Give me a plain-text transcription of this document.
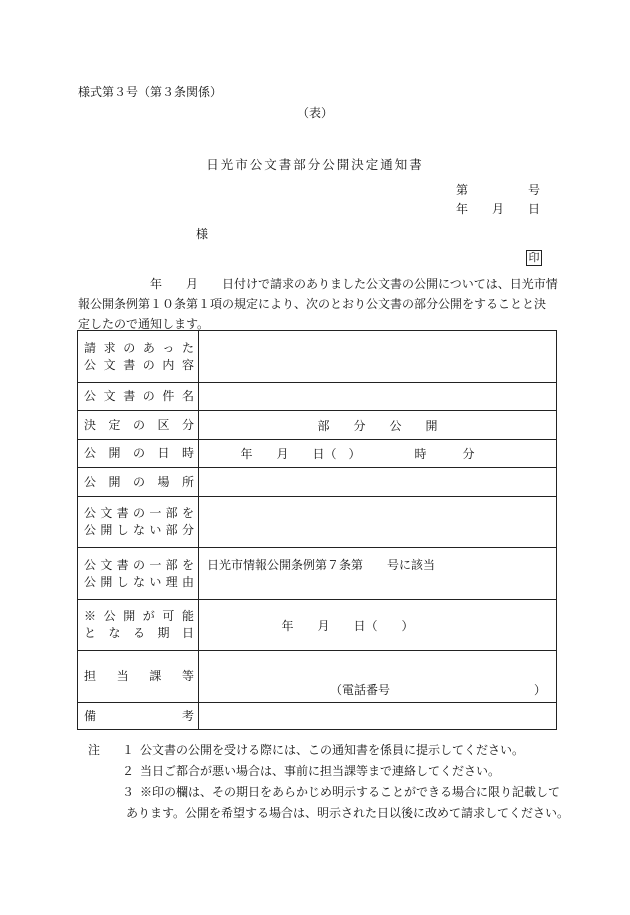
様式第３号（第３条関係）
（表）
日光市公文書部分公開決定通知書
第	号
年 月 日
様
印
　　　　　　年　　月　　日付けで請求のありました公文書の公開については、日光市情
報公開条例第１０条第１項の規定により、次のとおり公文書の部分公開をすることと決
定したので通知します。
請求のあった
公文書の内容	

公文書の件名	

決定の区分	部　　分　　公　　開

公開の日時	年　　月　　日（　）　　　　　時　　　分

公開の場所	

公文書の一部を
公開しない部分	

公文書の一部を
公開しない理由	日光市情報公開条例第７条第　　号に該当

※公開が可能
となる期日	年　　月　　日（　　）

担当課等	（電話番号　　　　　　　　　　　　）

備考	

注 １ 公文書の公開を受ける際には、この通知書を係員に提示してください。
２ 当日ご都合が悪い場合は、事前に担当課等まで連絡してください。
３ ※印の欄は、その期日をあらかじめ明示することができる場合に限り記載して
あります。公開を希望する場合は、明示された日以後に改めて請求してください。
